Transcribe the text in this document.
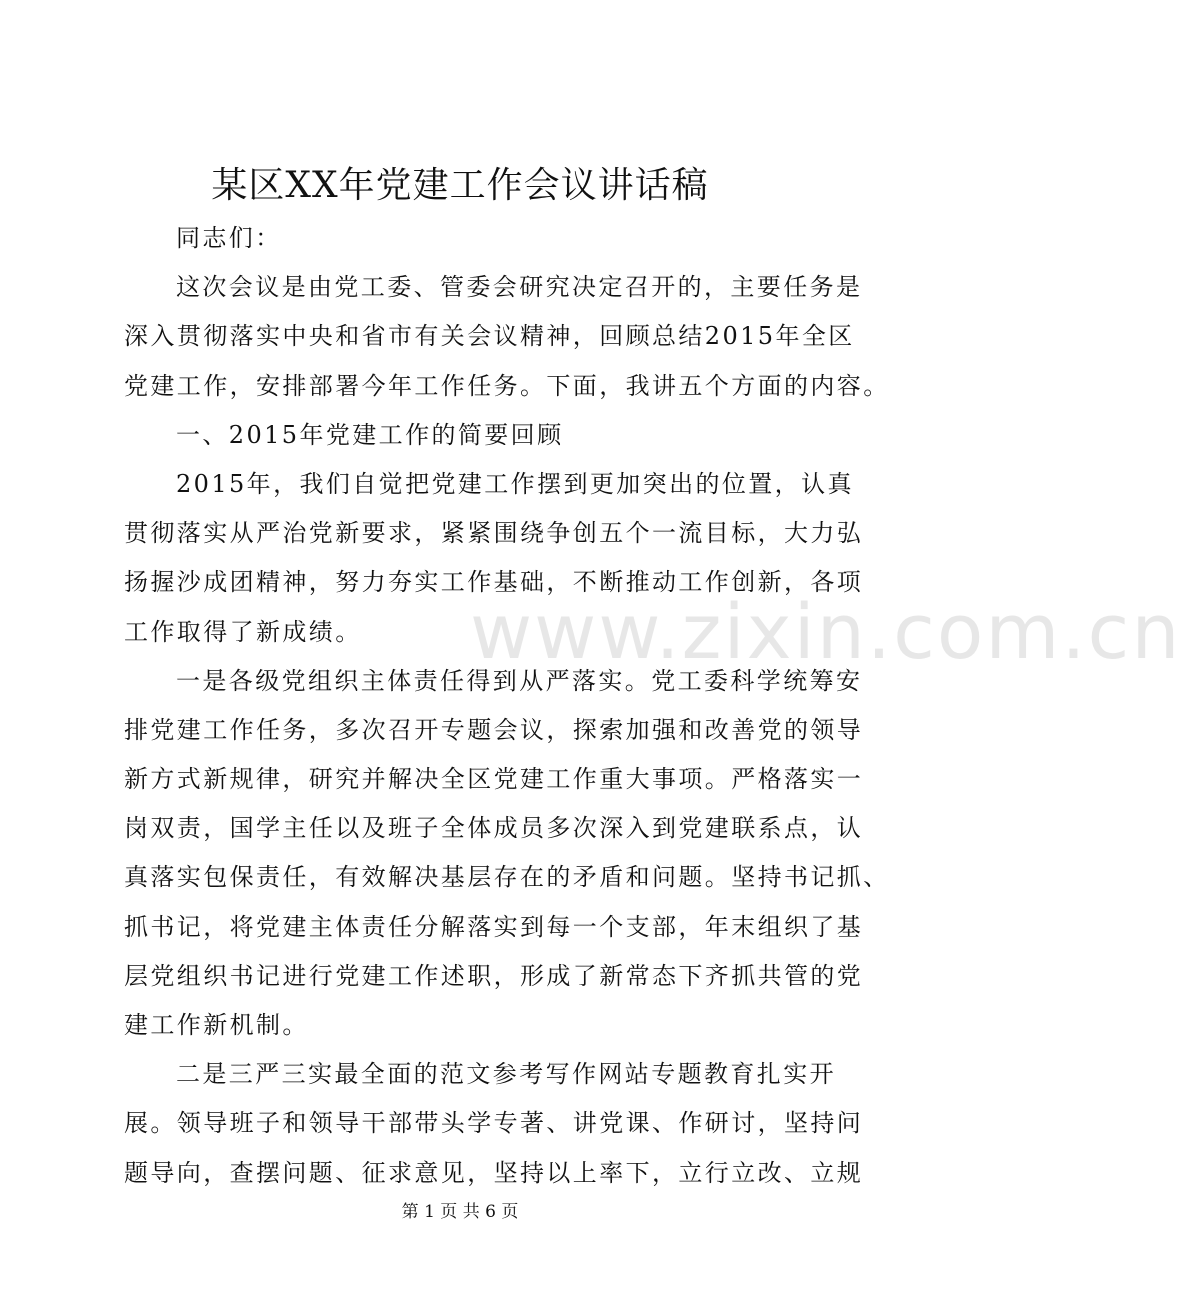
某区XX年党建工作会议讲话稿
同志们：
这次会议是由党工委、管委会研究决定召开的，主要任务是
深入贯彻落实中央和省市有关会议精神，回顾总结2015年全区
党建工作，安排部署今年工作任务。下面，我讲五个方面的内容。
一、2015年党建工作的简要回顾
2015年，我们自觉把党建工作摆到更加突出的位置，认真
贯彻落实从严治党新要求，紧紧围绕争创五个一流目标，大力弘
扬握沙成团精神，努力夯实工作基础，不断推动工作创新，各项
工作取得了新成绩。
一是各级党组织主体责任得到从严落实。党工委科学统筹安
排党建工作任务，多次召开专题会议，探索加强和改善党的领导
新方式新规律，研究并解决全区党建工作重大事项。严格落实一
岗双责，国学主任以及班子全体成员多次深入到党建联系点，认
真落实包保责任，有效解决基层存在的矛盾和问题。坚持书记抓、
抓书记，将党建主体责任分解落实到每一个支部，年末组织了基
层党组织书记进行党建工作述职，形成了新常态下齐抓共管的党
建工作新机制。
二是三严三实最全面的范文参考写作网站专题教育扎实开
展。领导班子和领导干部带头学专著、讲党课、作研讨，坚持问
题导向，查摆问题、征求意见，坚持以上率下，立行立改、立规
www.zixin.com.cn
第 1 页 共 6 页
